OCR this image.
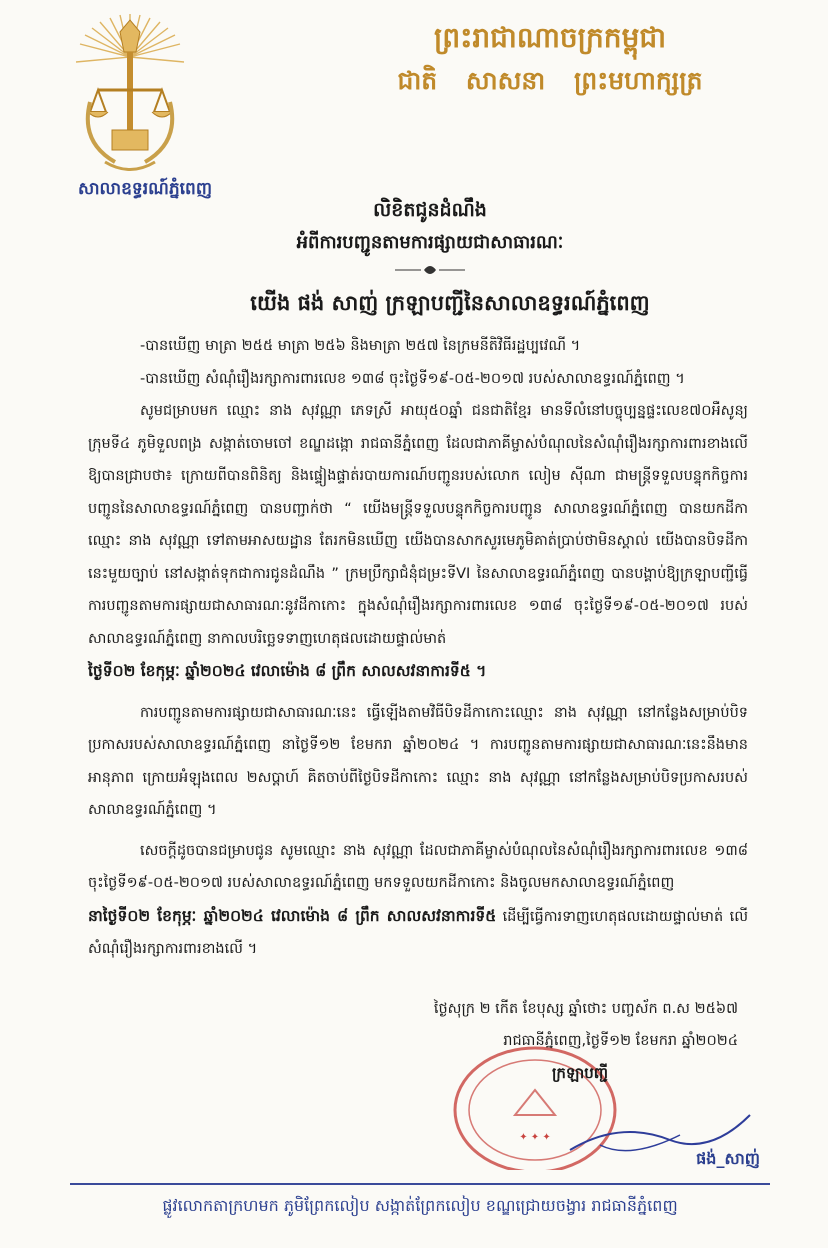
សាលាឧទ្ធរណ៍ភ្នំពេញ
ព្រះរាជាណាចក្រកម្ពុជា
ជាតិ សាសនា ព្រះមហាក្សត្រ
លិខិតជូនដំណឹង
អំពីការបញ្ជូនតាមការផ្សាយជាសាធារណៈ
យើង ផង់ សាញ់ ក្រឡាបញ្ជីនៃសាលាឧទ្ធរណ៍ភ្នំពេញ

-បានឃើញ មាត្រា ២៥៥ មាត្រា ២៥៦ និងមាត្រា ២៥៧ នៃក្រមនីតិវិធីរដ្ឋប្បវេណី ។

-បានឃើញ សំណុំរឿងរក្សាការពារលេខ ១៣៨ ចុះថ្ងៃទី១៩-០៥-២០១៧ របស់សាលាឧទ្ធរណ៍ភ្នំពេញ ។

សូមជម្រាបមក ឈ្មោះ នាង សុវណ្ណា ភេទស្រី អាយុ៥០ឆ្នាំ ជនជាតិខ្មែរ មានទីលំនៅបច្ចុប្បន្នផ្ទះលេខ៧០អឺសូន្យ ក្រុមទី៤ ភូមិទួលពង្រ សង្កាត់ចោមចៅ ខណ្ឌដង្កោ រាជធានីភ្នំពេញ ដែលជាភាគីម្ចាស់បំណុលនៃសំណុំរឿងរក្សាការពារខាងលើ ឱ្យបានជ្រាបថា៖ ក្រោយពីបានពិនិត្យ និងផ្ទៀងផ្ទាត់របាយការណ៍បញ្ជូនរបស់លោក លៀម ស៊ីណា ជាមន្ត្រីទទួលបន្ទុកកិច្ចការបញ្ជូននៃសាលាឧទ្ធរណ៍ភ្នំពេញ បានបញ្ជាក់ថា “ យើងមន្ត្រីទទួលបន្ទុកកិច្ចការបញ្ជូន សាលាឧទ្ធរណ៍ភ្នំពេញ បានយកដីកាឈ្មោះ នាង សុវណ្ណា ទៅតាមអាសយដ្ឋាន តែរកមិនឃើញ យើងបានសាកសួរមេភូមិគាត់ប្រាប់ថាមិនស្គាល់ យើងបានបិទដីកានេះមួយច្បាប់ នៅសង្កាត់ទុកជាការជូនដំណឹង ” ក្រមប្រឹក្សាជំនុំជម្រះទីVI នៃសាលាឧទ្ធរណ៍ភ្នំពេញ បានបង្គាប់ឱ្យក្រឡាបញ្ជីធ្វើការបញ្ជូនតាមការផ្សាយជាសាធារណៈនូវដីកាកោះ ក្នុងសំណុំរឿងរក្សាការពារលេខ ១៣៨ ចុះថ្ងៃទី១៩-០៥-២០១៧ របស់សាលាឧទ្ធរណ៍ភ្នំពេញ នាកាលបរិច្ឆេទទាញហេតុផលដោយផ្ទាល់មាត់

ថ្ងៃទី០២ ខែកុម្ភៈ ឆ្នាំ២០២៤ វេលាម៉ោង ៨ ព្រឹក សាលសវនាការទី៥ ។

ការបញ្ជូនតាមការផ្សាយជាសាធារណៈនេះ ធ្វើឡើងតាមវិធីបិទដីកាកោះឈ្មោះ នាង សុវណ្ណា នៅកន្លែងសម្រាប់បិទប្រកាសរបស់សាលាឧទ្ធរណ៍ភ្នំពេញ នាថ្ងៃទី១២ ខែមករា ឆ្នាំ២០២៤ ។ ការបញ្ជូនតាមការផ្សាយជាសាធារណៈនេះនឹងមានអានុភាព ក្រោយអំឡុងពេល ២សប្តាហ៍ គិតចាប់ពីថ្ងៃបិទដីកាកោះ ឈ្មោះ នាង សុវណ្ណា នៅកន្លែងសម្រាប់បិទប្រកាសរបស់សាលាឧទ្ធរណ៍ភ្នំពេញ ។

សេចក្តីដូចបានជម្រាបជូន សូមឈ្មោះ នាង សុវណ្ណា ដែលជាភាគីម្ចាស់បំណុលនៃសំណុំរឿងរក្សាការពារលេខ ១៣៨ ចុះថ្ងៃទី១៩-០៥-២០១៧ របស់សាលាឧទ្ធរណ៍ភ្នំពេញ មកទទួលយកដីកាកោះ និងចូលមកសាលាឧទ្ធរណ៍ភ្នំពេញ

នាថ្ងៃទី០២ ខែកុម្ភៈ ឆ្នាំ២០២៤ វេលាម៉ោង ៨ ព្រឹក សាលសវនាការទី៥ ដើម្បីធ្វើការទាញហេតុផលដោយផ្ទាល់មាត់ លើសំណុំរឿងរក្សាការពារខាងលើ ។

ថ្ងៃសុក្រ ២ កើត ខែបុស្ស ឆ្នាំថោះ បញ្ចស័ក ព.ស ២៥៦៧
រាជធានីភ្នំពេញ,ថ្ងៃទី១២ ខែមករា ឆ្នាំ២០២៤
✦ ✦ ✦
ក្រឡាបញ្ជី
ផង់_សាញ់
ផ្លូវលោកតាក្រហមក ភូមិព្រែកលៀប សង្កាត់ព្រែកលៀប ខណ្ឌជ្រោយចង្វារ រាជធានីភ្នំពេញ
